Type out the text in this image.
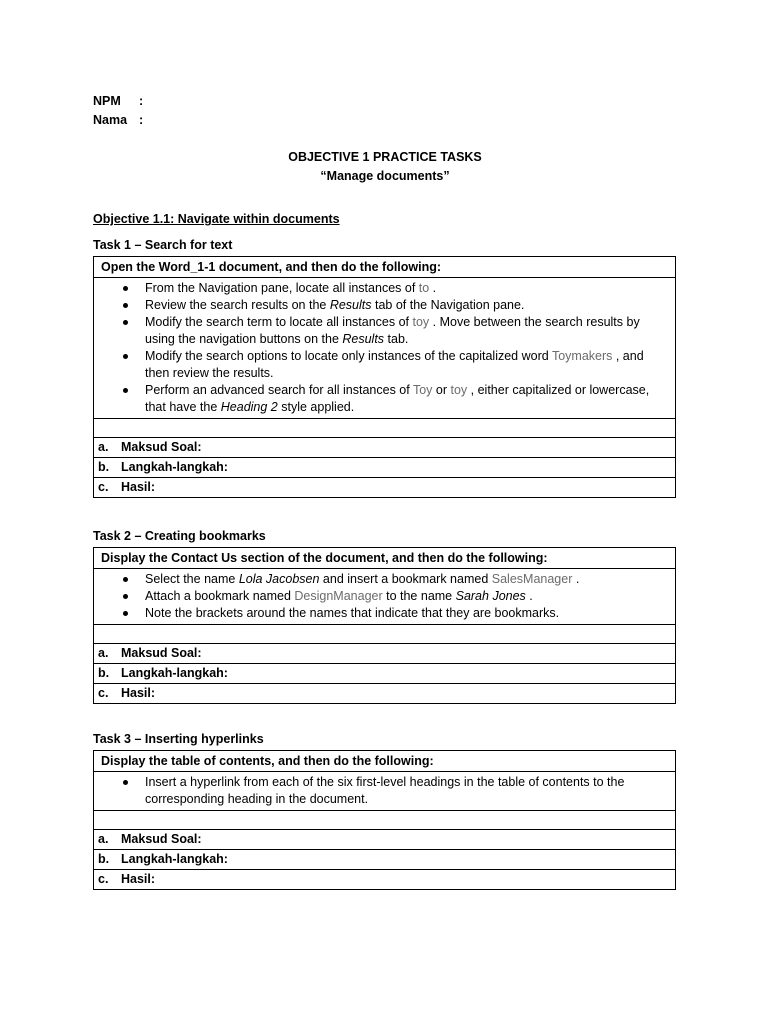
NPM	:
Nama :
OBJECTIVE 1 PRACTICE TASKS
“Manage documents”
Objective 1.1: Navigate within documents
Task 1 – Search for text
Open the Word_1-1 document, and then do the following:

From the Navigation pane, locate all instances of to .
Review the search results on the Results tab of the Navigation pane.
Modify the search term to locate all instances of toy . Move between the search results by using the navigation buttons on the Results tab.
Modify the search options to locate only instances of the capitalized word Toymakers , and then review the results.
Perform an advanced search for all instances of Toy or toy , either capitalized or lowercase, that have the Heading 2 style applied.

a. Maksud Soal:
b. Langkah-langkah:
c. Hasil:
Task 2 – Creating bookmarks
Display the Contact Us section of the document, and then do the following:

Select the name Lola Jacobsen and insert a bookmark named SalesManager .
Attach a bookmark named DesignManager to the name Sarah Jones .
Note the brackets around the names that indicate that they are bookmarks.

a. Maksud Soal:
b. Langkah-langkah:
c. Hasil:
Task 3 – Inserting hyperlinks
Display the table of contents, and then do the following:

Insert a hyperlink from each of the six first-level headings in the table of contents to the corresponding heading in the document.

a. Maksud Soal:
b. Langkah-langkah:
c. Hasil:
